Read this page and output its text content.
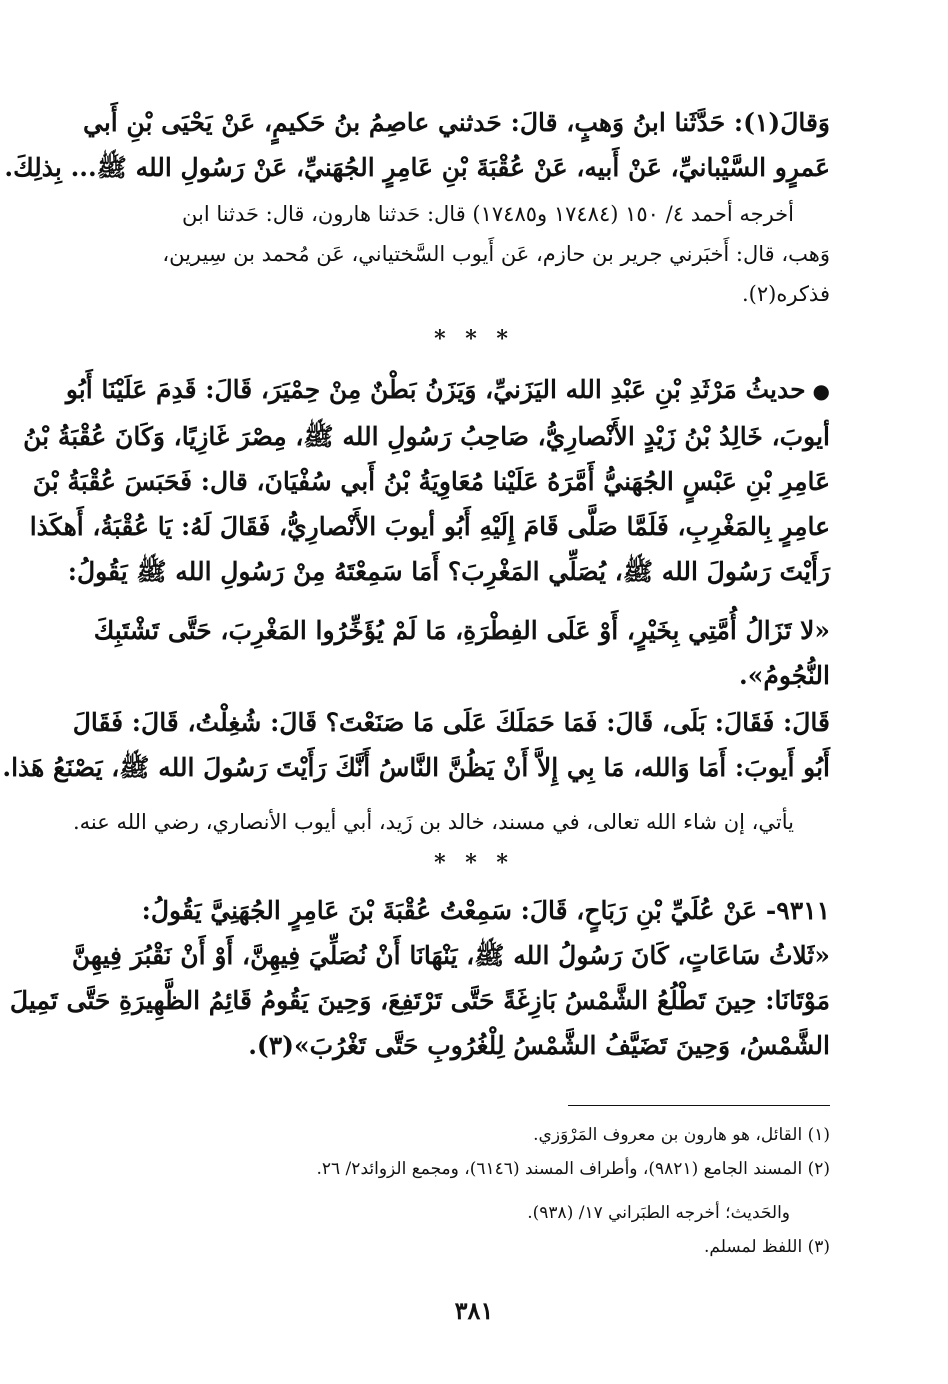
وَقالَ(١): حَدَّثَنا ابنُ وَهبٍ، قالَ: حَدثني عاصِمُ بنُ حَكيمٍ، عَنْ يَحْيَى بْنِ أَبي
عَمرٍو السَّيْبانيِّ، عَنْ أَبيه، عَنْ عُقْبَةَ بْنِ عَامِرٍ الجُهَنيِّ، عَنْ رَسُولِ الله ﷺ... بِذلِكَ.
أخرجه أحمد ٤/ ١٥٠ (١٧٤٨٤ و١٧٤٨٥) قال: حَدثنا هارون، قال: حَدثنا ابن
وَهب، قال: أَخبَرني جرير بن حازم، عَن أَيوب السَّختياني، عَن مُحمد بن سِيرين،
فذكره(٢).
* * *
● حديثُ مَرْثَدِ بْنِ عَبْدِ الله اليَزَنيِّ، وَيَزَنُ بَطْنٌ مِنْ حِمْيَرَ، قَالَ: قَدِمَ عَلَيْنَا أَبُو
أيوبَ، خَالِدُ بْنُ زَيْدٍ الأَنْصارِيُّ، صَاحِبُ رَسُولِ الله ﷺ، مِصْرَ غَازِيًا، وَكَانَ عُقْبَةُ بْنُ
عَامِرِ بْنِ عَبْسٍ الجُهَنيُّ أَمَّرَهُ عَلَيْنا مُعَاوِيَةُ بْنُ أَبي سُفْيَانَ، قال: فَحَبَسَ عُقْبَةُ بْنَ
عامِرٍ بِالمَغْرِبِ، فَلَمَّا صَلَّى قَامَ إِلَيْهِ أَبُو أيوبَ الأَنْصارِيُّ، فَقَالَ لَهُ: يَا عُقْبَةُ، أَهكَذا
رَأَيْتَ رَسُولَ الله ﷺ، يُصَلِّي المَغْرِبَ؟ أَمَا سَمِعْتَهُ مِنْ رَسُولِ الله ﷺ يَقُولُ:
«لا تَزَالُ أُمَّتِي بِخَيْرٍ، أَوْ عَلَى الفِطْرَةِ، مَا لَمْ يُؤَخِّرُوا المَغْرِبَ، حَتَّى تَشْتَبِكَ
النُّجُومُ».
قَالَ: فَقَالَ: بَلَى، قَالَ: فَمَا حَمَلَكَ عَلَى مَا صَنَعْتَ؟ قَالَ: شُغِلْتُ، قَالَ: فَقَالَ
أَبُو أَيوبَ: أَمَا وَالله، مَا بِي إِلاَّ أَنْ يَظُنَّ النَّاسُ أَنَّكَ رَأَيْتَ رَسُولَ الله ﷺ، يَصْنَعُ هَذا.
يأتي، إن شاء الله تعالى، في مسند، خالد بن زَيد، أبي أيوب الأنصاري، رضي الله عنه.
* * *
٩٣١١- عَنْ عُلَيِّ بْنِ رَبَاحٍ، قَالَ: سَمِعْتُ عُقْبَةَ بْنَ عَامِرٍ الجُهَنِيَّ يَقُولُ:
«ثَلاثُ سَاعَاتٍ، كَانَ رَسُولُ الله ﷺ، يَنْهَانَا أَنْ نُصَلِّيَ فِيهِنَّ، أَوْ أَنْ نَقْبُرَ فِيهِنَّ
مَوْتَانَا: حِينَ تَطْلُعُ الشَّمْسُ بَازِغَةً حَتَّى تَرْتَفِعَ، وَحِينَ يَقُومُ قَائِمُ الظَّهِيرَةِ حَتَّى تَمِيلَ
الشَّمْسُ، وَحِينَ تَضَيَّفُ الشَّمْسُ لِلْغُرُوبِ حَتَّى تَغْرُبَ»(٣).
(١) القائل، هو هارون بن معروف المَرْوَزي.
(٢) المسند الجامع (٩٨٢١)، وأطراف المسند (٦١٤٦)، ومجمع الزوائد٢/ ٢٦.
والحَديث؛ أخرجه الطبَراني ١٧/ (٩٣٨).
(٣) اللفظ لمسلم.
٣٨١
